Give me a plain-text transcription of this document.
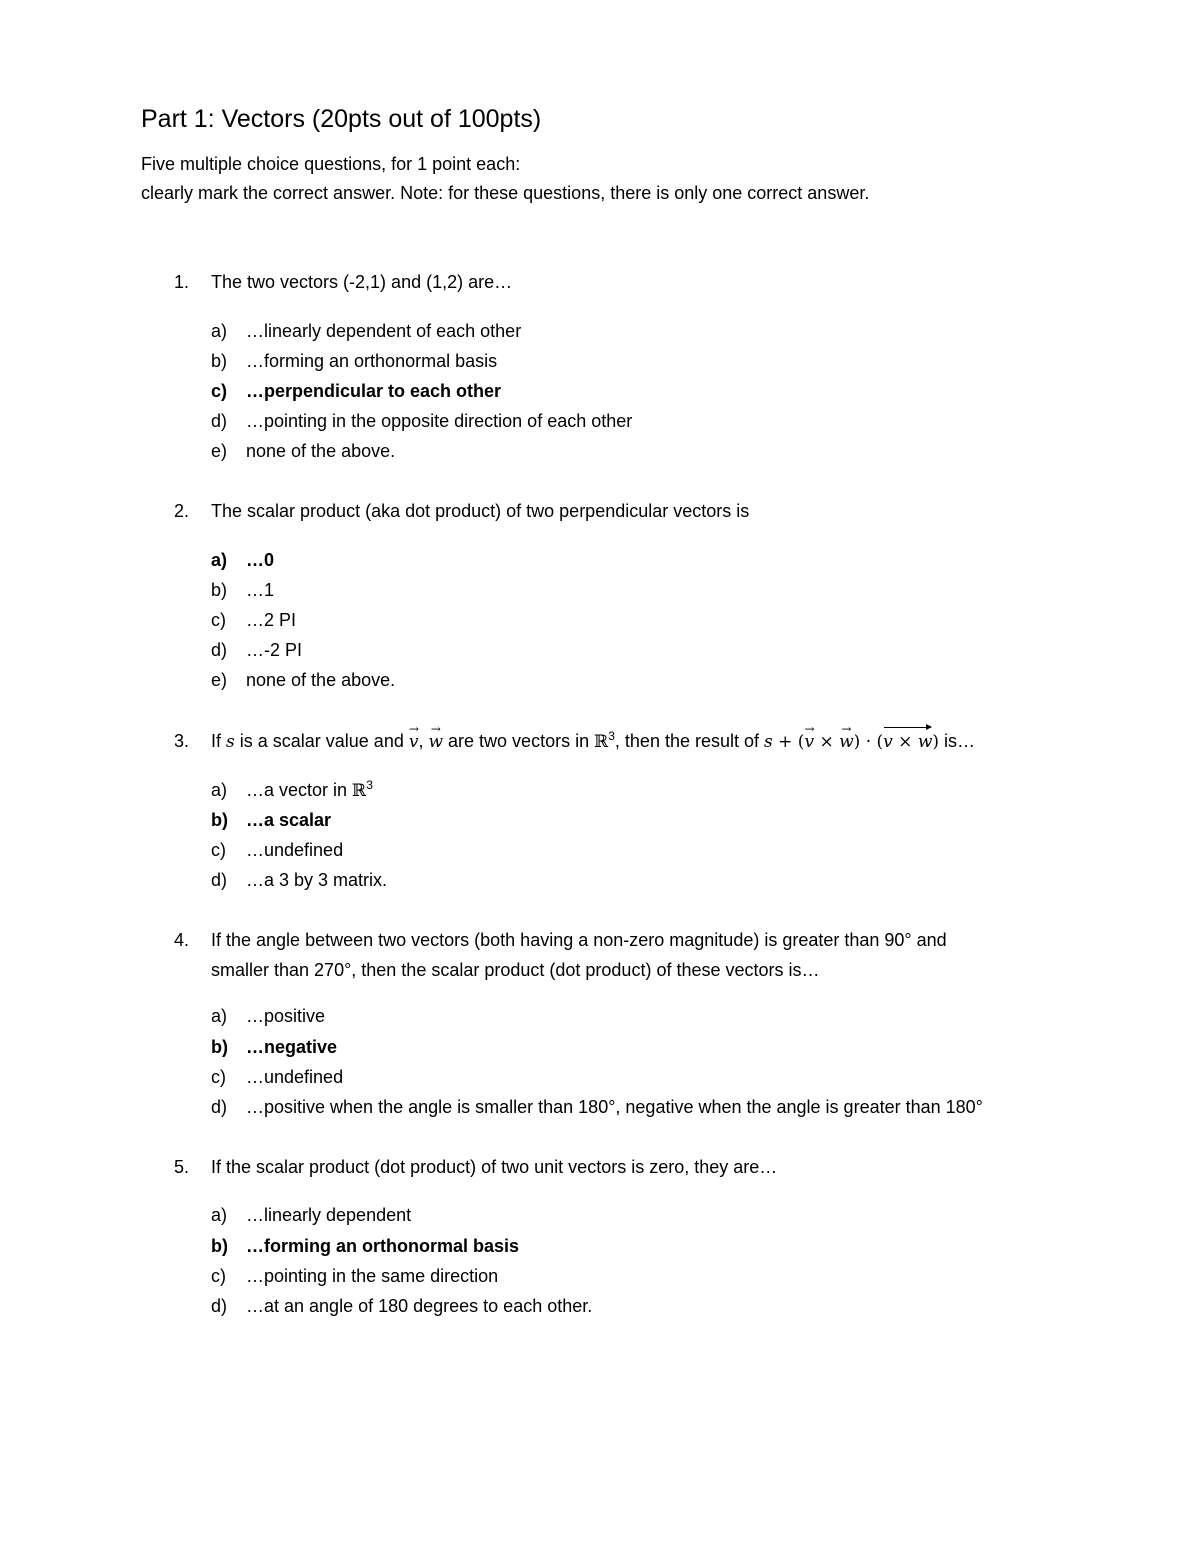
Part 1: Vectors (20pts out of 100pts)
Five multiple choice questions, for 1 point each:
clearly mark the correct answer. Note: for these questions, there is only one correct answer.
1. The two vectors (-2,1) and (1,2) are…
a) …linearly dependent of each other
b) …forming an orthonormal basis
c) …perpendicular to each other
d) …pointing in the opposite direction of each other
e) none of the above.
2. The scalar product (aka dot product) of two perpendicular vectors is
a) …0
b) …1
c) …2 PI
d) …-2 PI
e) none of the above.
3. If s is a scalar value and → v, → w are two vectors in ℝ$^3$, then the result of s + (→ v × → w) · (v × w) is…
a) …a vector in ℝ$^3$
b) …a scalar
c) …undefined
d) …a 3 by 3 matrix.
4. If the angle between two vectors (both having a non-zero magnitude) is greater than 90° and
smaller than 270°, then the scalar product (dot product) of these vectors is…
a) …positive
b) …negative
c) …undefined
d) …positive when the angle is smaller than 180°, negative when the angle is greater than 180°
5. If the scalar product (dot product) of two unit vectors is zero, they are…
a) …linearly dependent
b) …forming an orthonormal basis
c) …pointing in the same direction
d) …at an angle of 180 degrees to each other.
